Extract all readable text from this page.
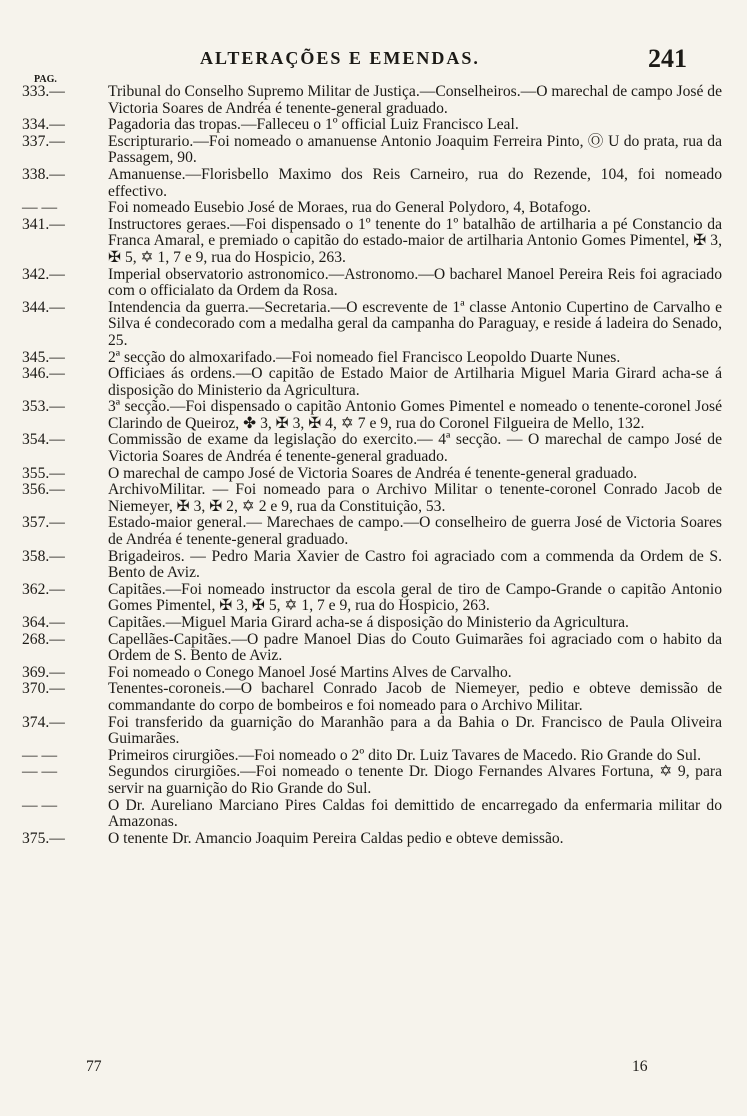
ALTERAÇÕES E EMENDAS.	241
PAG.
333.—	Tribunal do Conselho Supremo Militar de Justiça.—Conselheiros.—O marechal de campo José de Victoria Soares de Andréa é tenente-general graduado.
334.—	Pagadoria das tropas.—Falleceu o 1º official Luiz Francisco Leal.
337.—	Escripturario.—Foi nomeado o amanuense Antonio Joaquim Ferreira Pinto, Ⓞ U do prata, rua da Passagem, 90.
338.—	Amanuense.—Florisbello Maximo dos Reis Carneiro, rua do Rezende, 104, foi nomeado effectivo.
— —	Foi nomeado Eusebio José de Moraes, rua do General Polydoro, 4, Botafogo.
341.—	Instructores geraes.—Foi dispensado o 1º tenente do 1º batalhão de artilharia a pé Constancio da Franca Amaral, e premiado o capitão do estado-maior de artilharia Antonio Gomes Pimentel, ✠ 3, ✠ 5, ✡ 1, 7 e 9, rua do Hospicio, 263.
342.—	Imperial observatorio astronomico.—Astronomo.—O bacharel Manoel Pereira Reis foi agraciado com o officialato da Ordem da Rosa.
344.—	Intendencia da guerra.—Secretaria.—O escrevente de 1ª classe Antonio Cupertino de Carvalho e Silva é condecorado com a medalha geral da campanha do Paraguay, e reside á ladeira do Senado, 25.
345.—	2ª secção do almoxarifado.—Foi nomeado fiel Francisco Leopoldo Duarte Nunes.
346.—	Officiaes ás ordens.—O capitão de Estado Maior de Artilharia Miguel Maria Girard acha-se á disposição do Ministerio da Agricultura.
353.—	3ª secção.—Foi dispensado o capitão Antonio Gomes Pimentel e nomeado o tenente-coronel José Clarindo de Queiroz, ✤ 3, ✠ 3, ✠ 4, ✡ 7 e 9, rua do Coronel Filgueira de Mello, 132.
354.—	Commissão de exame da legislação do exercito.— 4ª secção. — O marechal de campo José de Victoria Soares de Andréa é tenente-general graduado.
355.—	O marechal de campo José de Victoria Soares de Andréa é tenente-general graduado.
356.—	ArchivoMilitar. — Foi nomeado para o Archivo Militar o tenente-coronel Conrado Jacob de Niemeyer, ✠ 3, ✠ 2, ✡ 2 e 9, rua da Constituição, 53.
357.—	Estado-maior general.— Marechaes de campo.—O conselheiro de guerra José de Victoria Soares de Andréa é tenente-general graduado.
358.—	Brigadeiros. — Pedro Maria Xavier de Castro foi agraciado com a commenda da Ordem de S. Bento de Aviz.
362.—	Capitães.—Foi nomeado instructor da escola geral de tiro de Campo-Grande o capitão Antonio Gomes Pimentel, ✠ 3, ✠ 5, ✡ 1, 7 e 9, rua do Hospicio, 263.
364.—	Capitães.—Miguel Maria Girard acha-se á disposição do Ministerio da Agricultura.
268.—	Capellães-Capitães.—O padre Manoel Dias do Couto Guimarães foi agraciado com o habito da Ordem de S. Bento de Aviz.
369.—	Foi nomeado o Conego Manoel José Martins Alves de Carvalho.
370.—	Tenentes-coroneis.—O bacharel Conrado Jacob de Niemeyer, pedio e obteve demissão de commandante do corpo de bombeiros e foi nomeado para o Archivo Militar.
374.—	Foi transferido da guarnição do Maranhão para a da Bahia o Dr. Francisco de Paula Oliveira Guimarães.
— —	Primeiros cirurgiões.—Foi nomeado o 2º dito Dr. Luiz Tavares de Macedo. Rio Grande do Sul.
— —	Segundos cirurgiões.—Foi nomeado o tenente Dr. Diogo Fernandes Alvares Fortuna, ✡ 9, para servir na guarnição do Rio Grande do Sul.
— —	O Dr. Aureliano Marciano Pires Caldas foi demittido de encarregado da enfermaria militar do Amazonas.
375.—	O tenente Dr. Amancio Joaquim Pereira Caldas pedio e obteve demissão.
77	16
